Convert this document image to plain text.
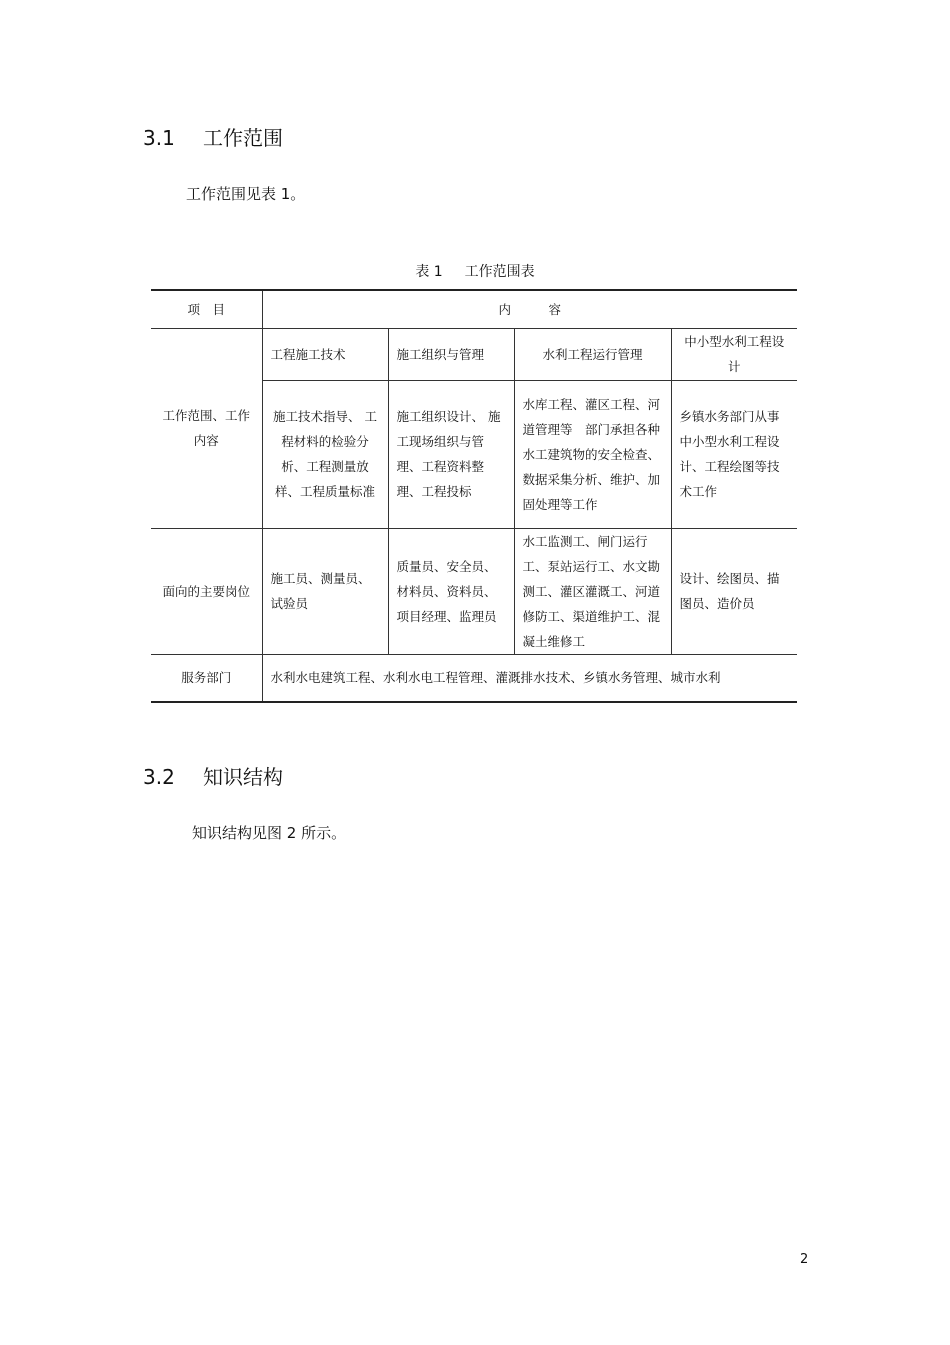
3.1 工作范围
工作范围见表 1。
表 1 工作范围表
项　目	内　　　容			
工作范围、工作内容	工程施工技术	施工组织与管理	水利工程运行管理	中小型水利工程设计
	施工技术指导、 工程材料的检验分析、工程测量放样、工程质量标准	施工组织设计、 施工现场组织与管理、工程资料整理、工程投标	水库工程、灌区工程、河道管理等　部门承担各种水工建筑物的安全检查、数据采集分析、维护、加固处理等工作	乡镇水务部门从事中小型水利工程设计、工程绘图等技术工作
面向的主要岗位	施工员、测量员、试验员	质量员、安全员、材料员、资料员、项目经理、监理员	水工监测工、闸门运行工、泵站运行工、水文勘测工、灌区灌溉工、河道修防工、渠道维护工、混凝土维修工	设计、绘图员、描图员、造价员
服务部门	水利水电建筑工程、水利水电工程管理、灌溉排水技术、乡镇水务管理、城市水利			
3.2 知识结构
知识结构见图 2 所示。
2
